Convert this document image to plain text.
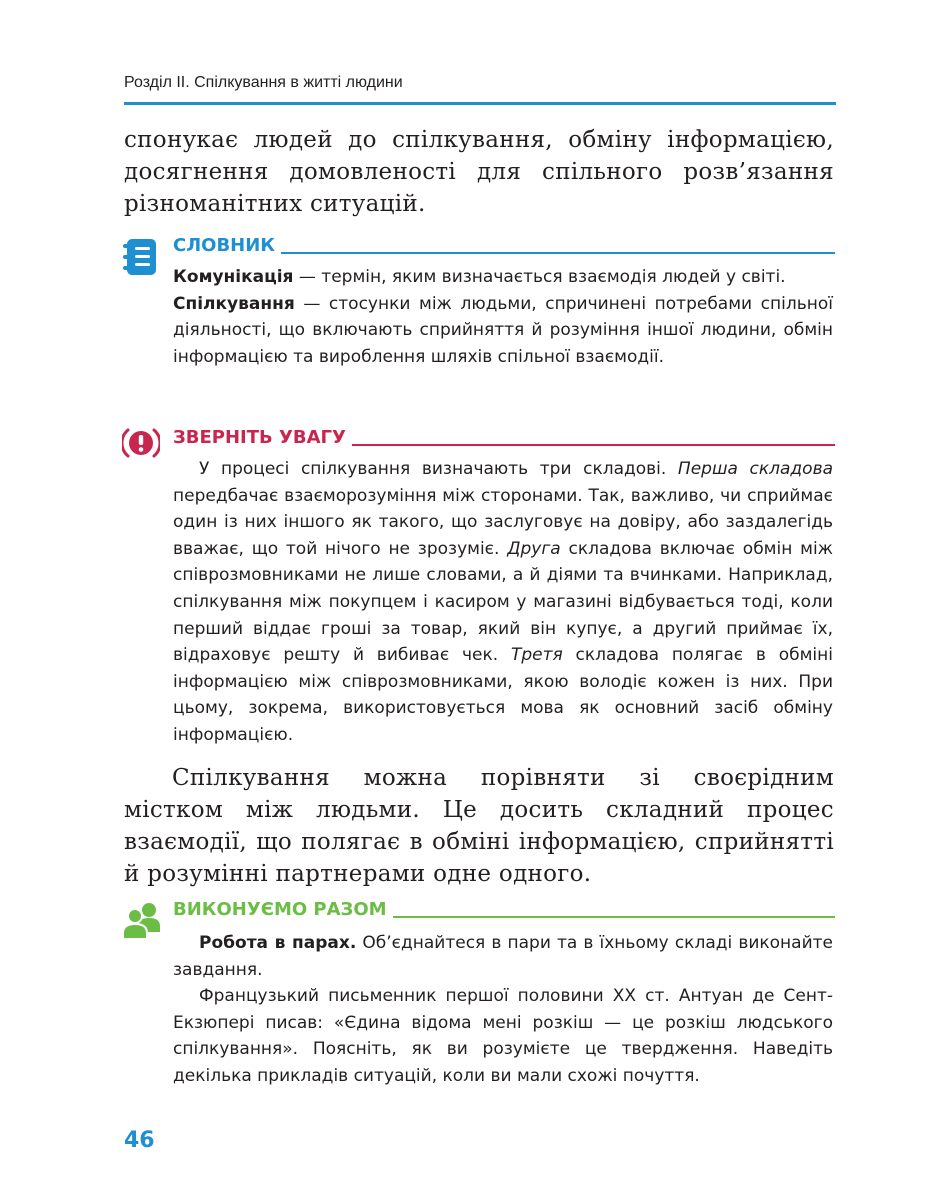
Розділ ІІ. Спілкування в житті людини
спонукає людей до спілкування, обміну інформацією, досягнення домовленості для спільного розв’язання різноманітних ситуацій.
СЛОВНИК

Комунікація — термін, яким визначається взаємодія людей у світі.

Спілкування — стосунки між людьми, спричинені потребами спільної діяльності, що включають сприйняття й розуміння іншої людини, обмін інформацією та вироблення шляхів спільної взаємодії.

ЗВЕРНІТЬ УВАГУ

У процесі спілкування визначають три складові. Перша складова передбачає взаєморозуміння між сторонами. Так, важливо, чи сприймає один із них іншого як такого, що заслуговує на довіру, або заздалегідь вважає, що той нічого не зрозуміє. Друга складова включає обмін між співрозмовниками не лише словами, а й діями та вчинками. Наприклад, спілкування між покупцем і касиром у магазині відбувається тоді, коли перший віддає гроші за товар, який він купує, а другий приймає їх, відраховує решту й вибиває чек. Третя складова полягає в обміні інформацією між співрозмовниками, якою володіє кожен із них. При цьому, зокрема, використовується мова як основний засіб обміну інформацією.

Спілкування можна порівняти зі своєрідним містком між людьми. Це досить складний процес взаємодії, що полягає в обміні інформацією, сприйнятті й розумінні партнерами одне одного.
ВИКОНУЄМО РАЗОМ

Робота в парах. Об’єднайтеся в пари та в їхньому складі виконайте завдання.

Французький письменник першої половини ХХ ст. Антуан де Сент-Екзюпері писав: «Єдина відома мені розкіш — це розкіш людського спілкування». Поясніть, як ви розумієте це твердження. Наведіть декілька прикладів ситуацій, коли ви мали схожі почуття.

46
